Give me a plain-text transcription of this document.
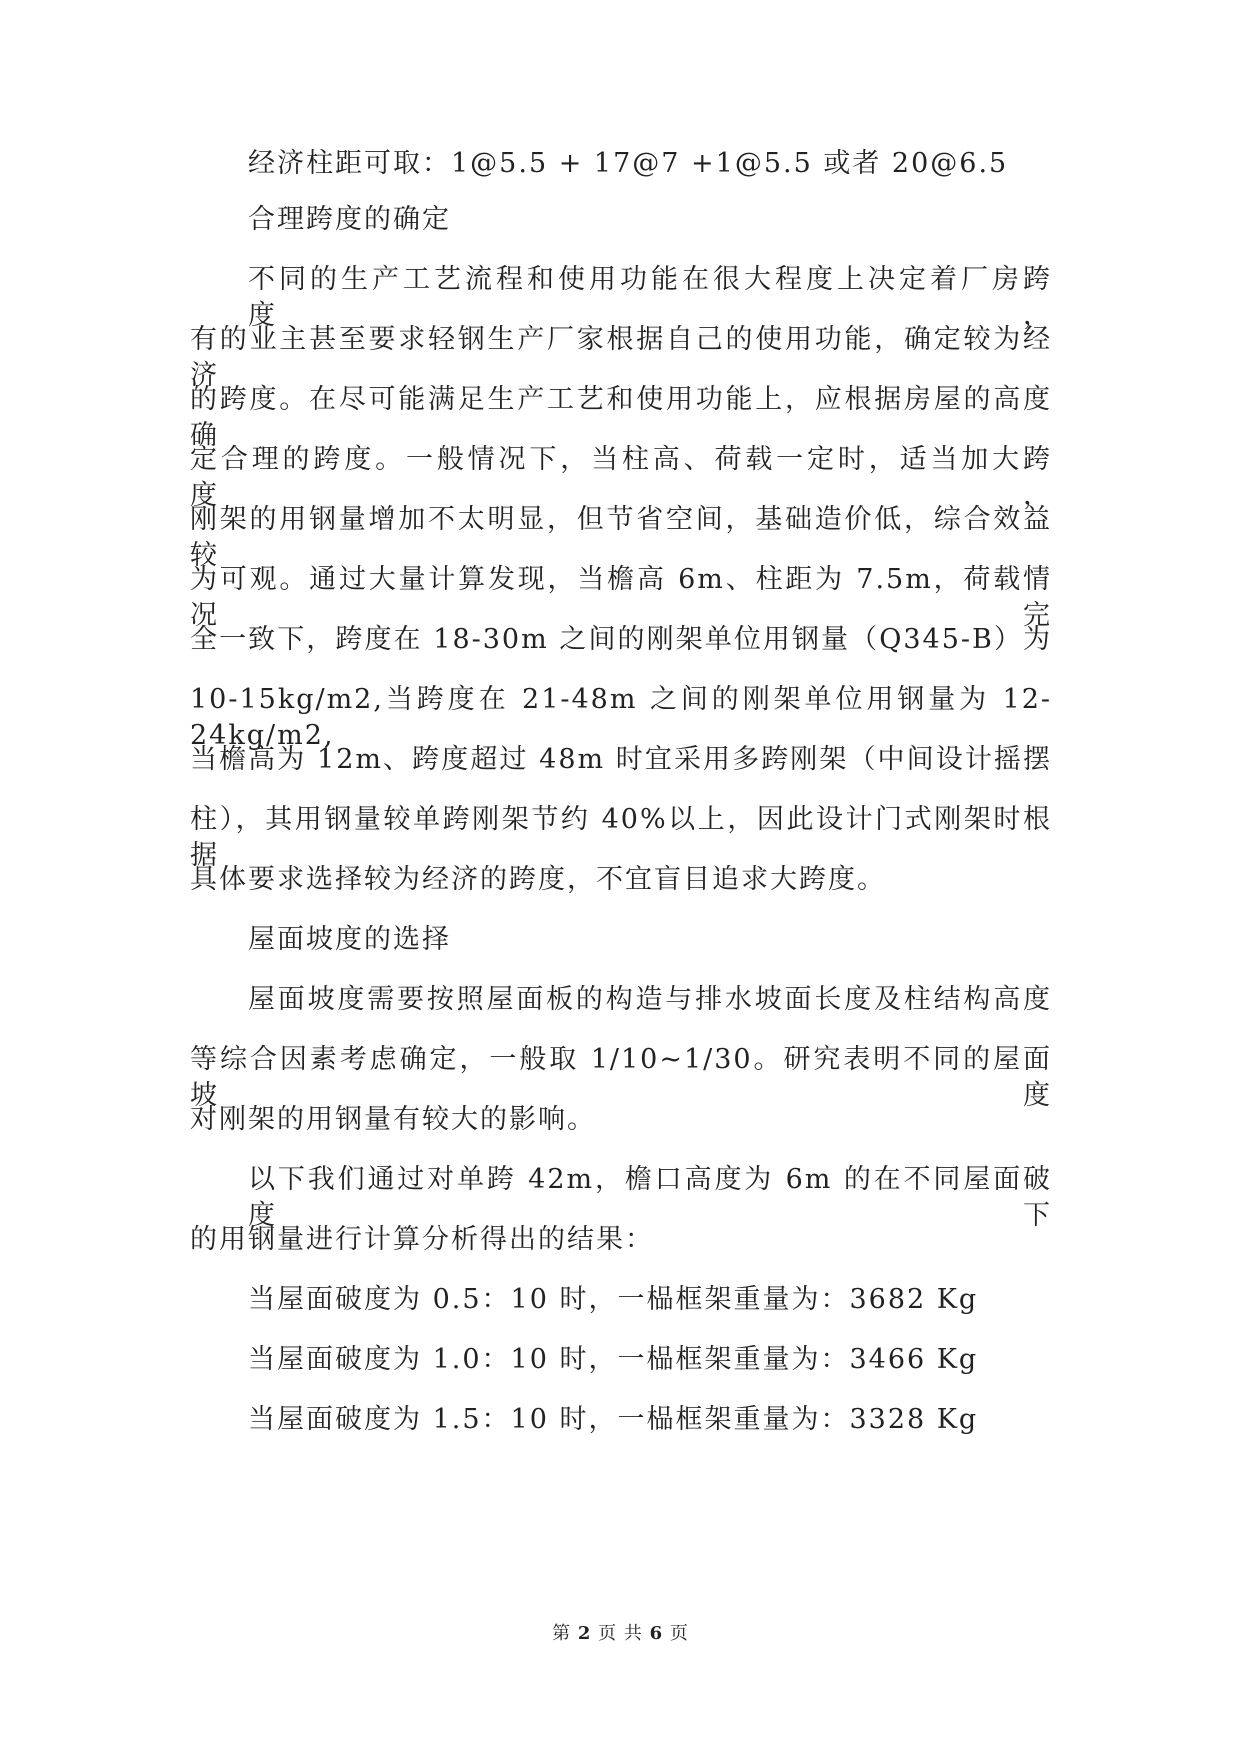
经济柱距可取：1@5.5 + 17@7 +1@5.5 或者 20@6.5
合理跨度的确定
不同的生产工艺流程和使用功能在很大程度上决定着厂房跨度，
有的业主甚至要求轻钢生产厂家根据自己的使用功能，确定较为经济
的跨度。在尽可能满足生产工艺和使用功能上，应根据房屋的高度确
定合理的跨度。一般情况下，当柱高、荷载一定时，适当加大跨度，
刚架的用钢量增加不太明显，但节省空间，基础造价低，综合效益较
为可观。通过大量计算发现，当檐高 6m、柱距为 7.5m，荷载情况完
全一致下，跨度在 18-30m 之间的刚架单位用钢量（Q345-B）为
10-15kg/m2,当跨度在 21-48m 之间的刚架单位用钢量为 12-24kg/m2,
当檐高为 12m、跨度超过 48m 时宜采用多跨刚架（中间设计摇摆
柱），其用钢量较单跨刚架节约 40%以上，因此设计门式刚架时根据
具体要求选择较为经济的跨度，不宜盲目追求大跨度。
屋面坡度的选择
屋面坡度需要按照屋面板的构造与排水坡面长度及柱结构高度
等综合因素考虑确定，一般取 1/10~1/30。研究表明不同的屋面坡度
对刚架的用钢量有较大的影响。
以下我们通过对单跨 42m，檐口高度为 6m 的在不同屋面破度下
的用钢量进行计算分析得出的结果：
当屋面破度为 0.5：10 时，一榀框架重量为：3682 Kg
当屋面破度为 1.0：10 时，一榀框架重量为：3466 Kg
当屋面破度为 1.5：10 时，一榀框架重量为：3328 Kg
第 2 页 共 6 页
